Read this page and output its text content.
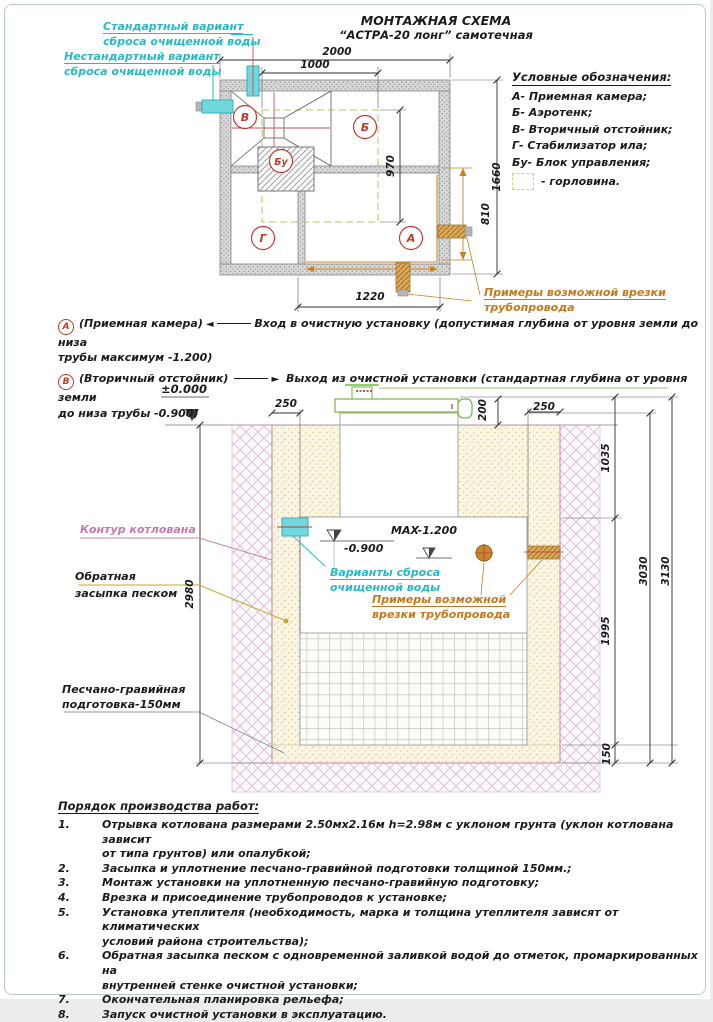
В
Б
Бу
Г	А
МОНТАЖНАЯ СХЕМА
“АСТРА-20 лонг” самотечная
Стандартный вариант
сброса очищенной воды
Нестандартный вариант
сброса очищенной воды
2000
1000
970	1660
810
1220
Условные обозначения:
А- Приемная камера;
Б- Аэротенк;
В- Вторичный отстойник;
Г- Стабилизатор ила;
Бу- Блок управления;
- горловина.
Примеры возможной врезки
трубопровода
А (Приемная камера) ◄	Вход в очистную установку (допустимая глубина от уровня земли до низа
трубы максимум -1.200)
В (Вторичный отстойник)	► Выход из очистной установки (стандартная глубина от уровня земли
до низа трубы -0.900)
±0.000
250	250
200
2980
1035
1995
150
3030 3130
MAX-1.200
-0.900
Контур котлована
Обратная
засыпка песком
Песчано-гравийная
подготовка-150мм
Варианты сброса
очищенной воды
Примеры возможной
врезки трубопровода
Порядок производства работ:
1.	Отрывка котлована размерами 2.50мх2.16м h=2.98м с уклоном грунта (уклон котлована зависит
от типа грунтов) или опалубкой;
2.	Засыпка и уплотнение песчано-гравийной подготовки толщиной 150мм.;
3.	Монтаж установки на уплотненную песчано-гравийную подготовку;
4.	Врезка и присоединение трубопроводов к установке;
5.	Установка утеплителя (необходимость, марка и толщина утеплителя зависят от климатических
условий района строительства);
6.	Обратная засыпка песком с одновременной заливкой водой до отметок, промаркированных на
внутренней стенке очистной установки;
7.	Окончательная планировка рельефа;
8.	Запуск очистной установки в эксплуатацию.
